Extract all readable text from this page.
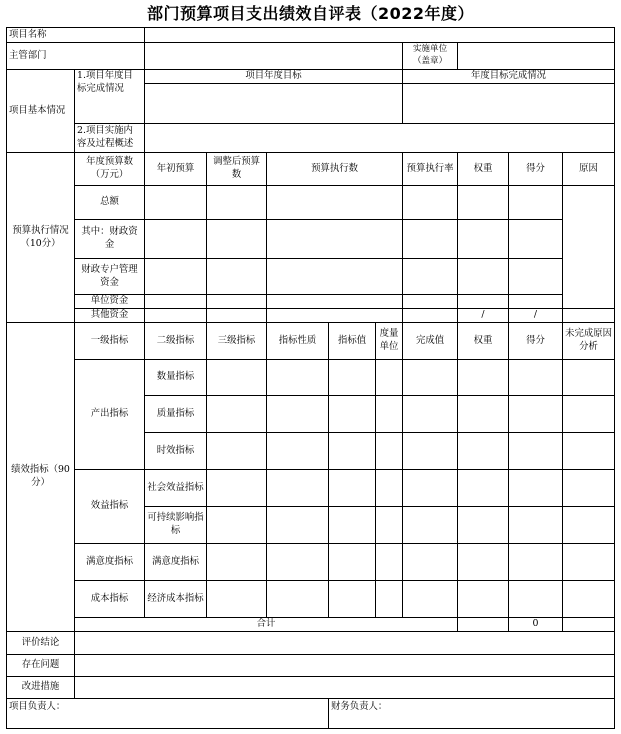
部门预算项目支出绩效自评表（2022年度）
项目名称										
主管部门							实施单位（盖章）			
项目基本情况	1.项目年度目标完成情况	项目年度目标					年度目标完成情况			

	2.项目实施内容及过程概述									
预算执行情况（10分）	年度预算数（万元）	年初预算	调整后预算数	预算执行数			预算执行率	权重	得分	原因
	总额									
	其中：财政资金									
	财政专户管理资金									
	单位资金									
	其他资金							/	/	
绩效指标（90分）	一级指标	二级指标	三级指标	指标性质	指标值	度量单位	完成值	权重	得分	未完成原因分析
	产出指标	数量指标								
		质量指标								
		时效指标								
	效益指标	社会效益指标								
		可持续影响指标								
	满意度指标	满意度指标								
	成本指标	经济成本指标								
	合计								0	
评价结论										
存在问题										
改进措施										
项目负责人：					财务负责人：					
